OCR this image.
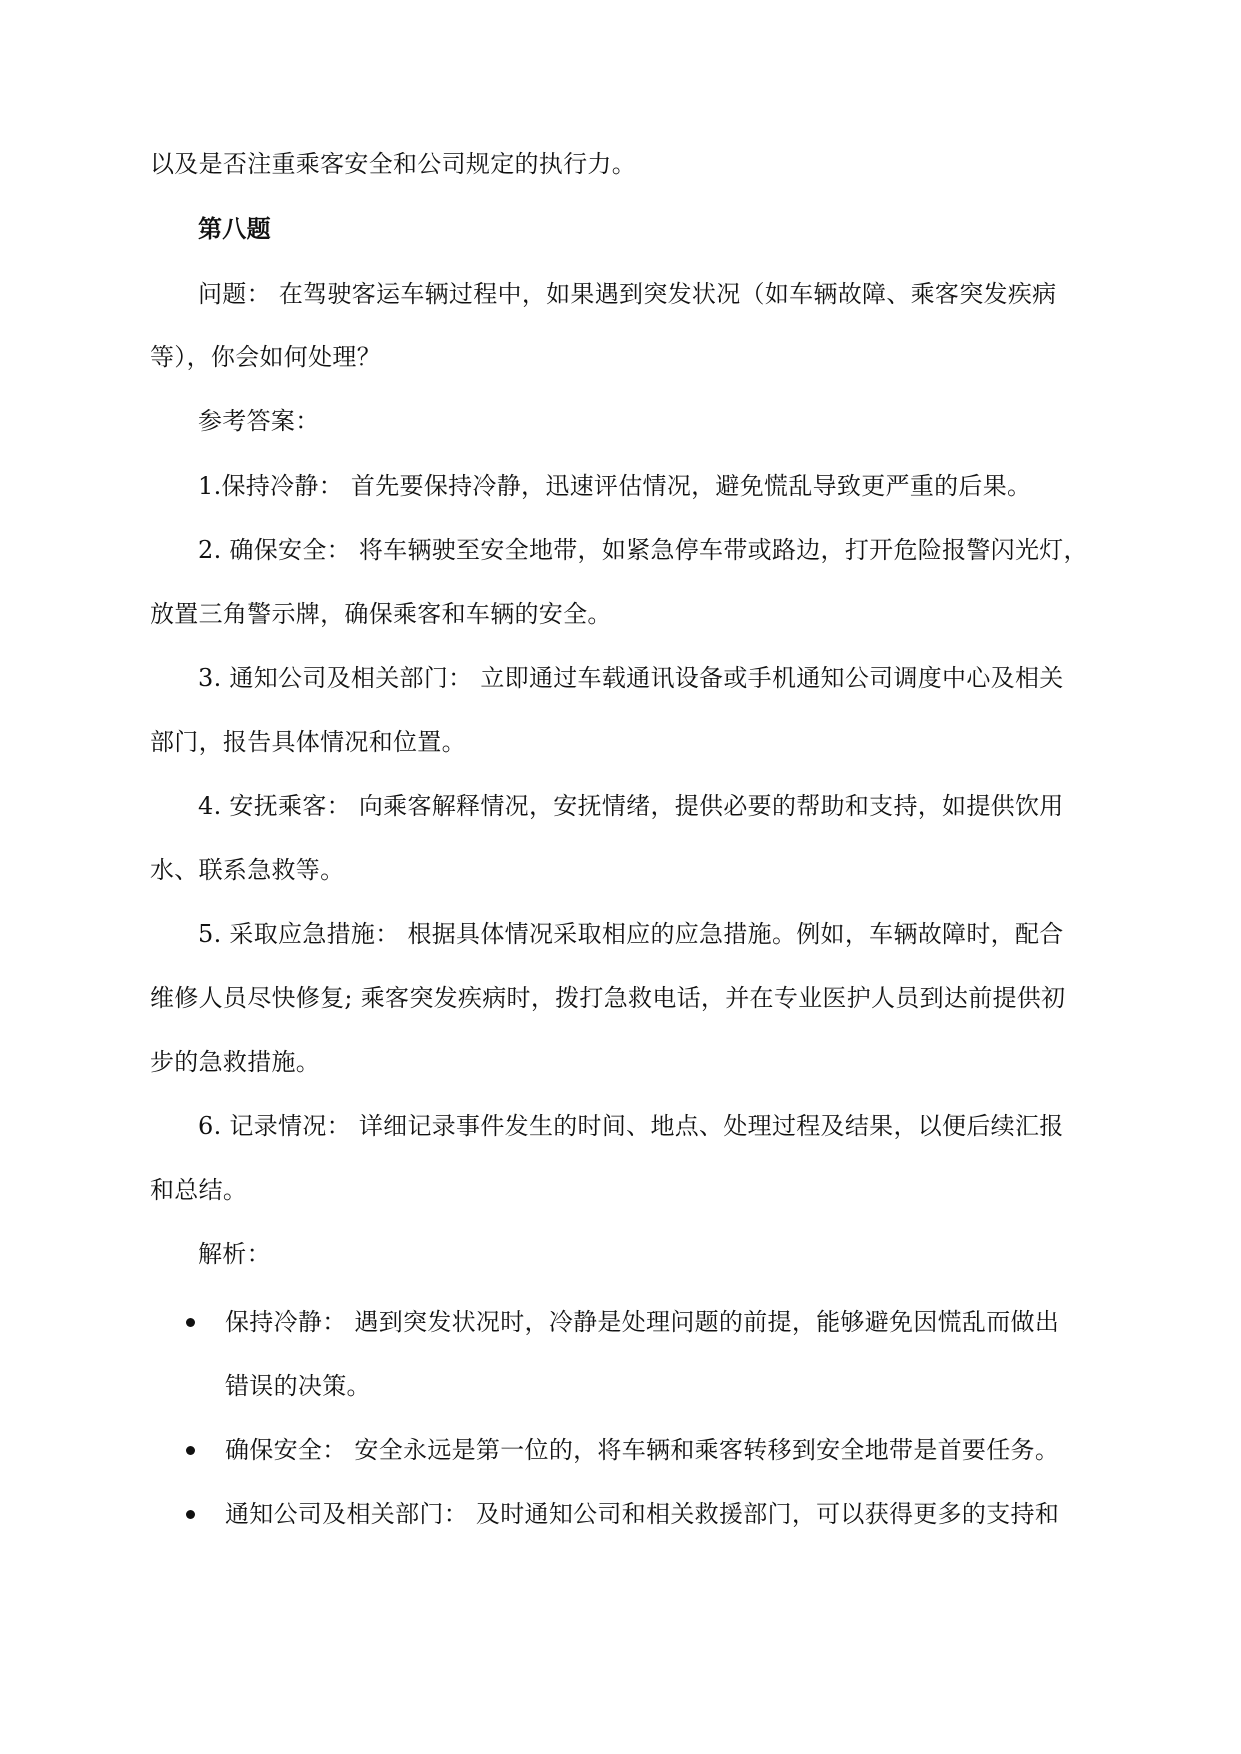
以及是否注重乘客安全和公司规定的执行力。
第八题
问题： 在驾驶客运车辆过程中，如果遇到突发状况（如车辆故障、乘客突发疾病
等），你会如何处理？
参考答案：
1.保持冷静： 首先要保持冷静，迅速评估情况，避免慌乱导致更严重的后果。
2. 确保安全： 将车辆驶至安全地带，如紧急停车带或路边，打开危险报警闪光灯，
放置三角警示牌，确保乘客和车辆的安全。
3. 通知公司及相关部门： 立即通过车载通讯设备或手机通知公司调度中心及相关
部门，报告具体情况和位置。
4. 安抚乘客： 向乘客解释情况，安抚情绪，提供必要的帮助和支持，如提供饮用
水、联系急救等。
5. 采取应急措施： 根据具体情况采取相应的应急措施。例如，车辆故障时，配合
维修人员尽快修复; 乘客突发疾病时，拨打急救电话，并在专业医护人员到达前提供初
步的急救措施。
6. 记录情况： 详细记录事件发生的时间、地点、处理过程及结果，以便后续汇报
和总结。
解析：
保持冷静： 遇到突发状况时，冷静是处理问题的前提，能够避免因慌乱而做出
错误的决策。
确保安全： 安全永远是第一位的，将车辆和乘客转移到安全地带是首要任务。
通知公司及相关部门： 及时通知公司和相关救援部门，可以获得更多的支持和
